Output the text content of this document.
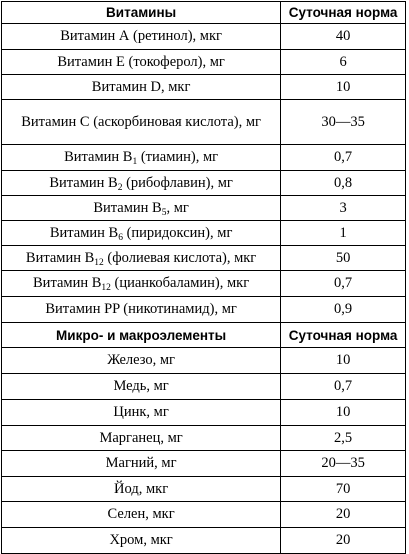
Витамины	Суточная норма
Витамин А (ретинол), мкг	40
Витамин Е (токоферол), мг	6
Витамин D, мкг	10
Витамин С (аскорбиновая кислота), мг	30—35
Витамин $B_1$ (тиамин), мг	0,7
Витамин $B_2$ (рибофлавин), мг	0,8
Витамин $B_5$, мг	3
Витамин $B_6$ (пиридоксин), мг	1
Витамин $B_{12}$ (фолиевая кислота), мкг	50
Витамин $B_{12}$ (цианкобаламин), мкг	0,7
Витамин PP (никотинамид), мг	0,9
Микро- и макроэлементы	Суточная норма
Железо, мг	10
Медь, мг	0,7
Цинк, мг	10
Марганец, мг	2,5
Магний, мг	20—35
Йод, мкг	70
Селен, мкг	20
Хром, мкг	20
